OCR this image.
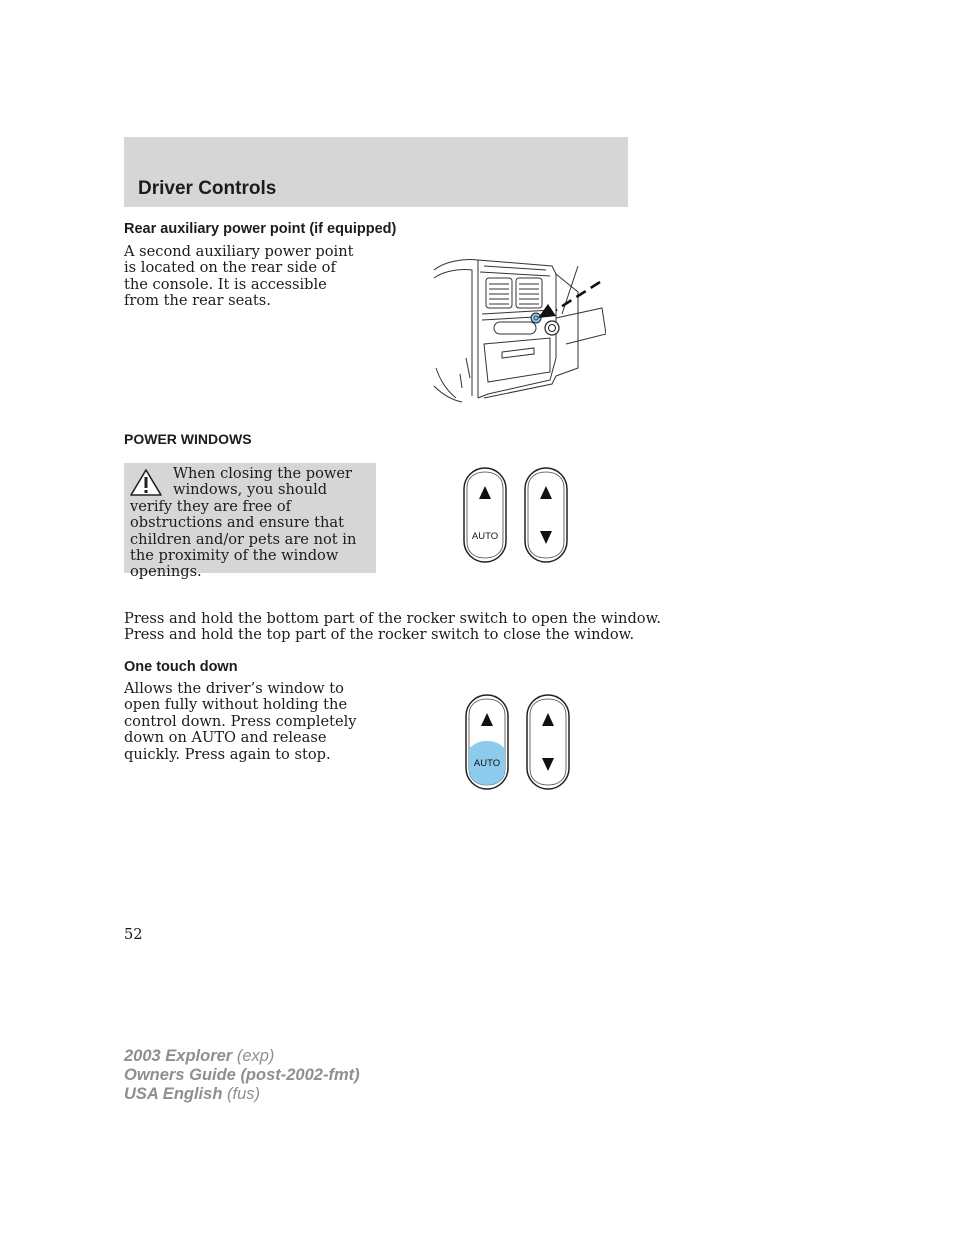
Driver Controls
Rear auxiliary power point (if equipped)
A second auxiliary power point is located on the rear side of the console. It is accessible from the rear seats.
POWER WINDOWS
When closing the power windows, you should verify they are free of obstructions and ensure that children and/or pets are not in the proximity of the window openings.
AUTO
Press and hold the bottom part of the rocker switch to open the window.
Press and hold the top part of the rocker switch to close the window.
One touch down
Allows the driver’s window to open fully without holding the control down. Press completely down on AUTO and release quickly. Press again to stop.
AUTO
52
2003 Explorer (exp)
Owners Guide (post-2002-fmt)
USA English (fus)
